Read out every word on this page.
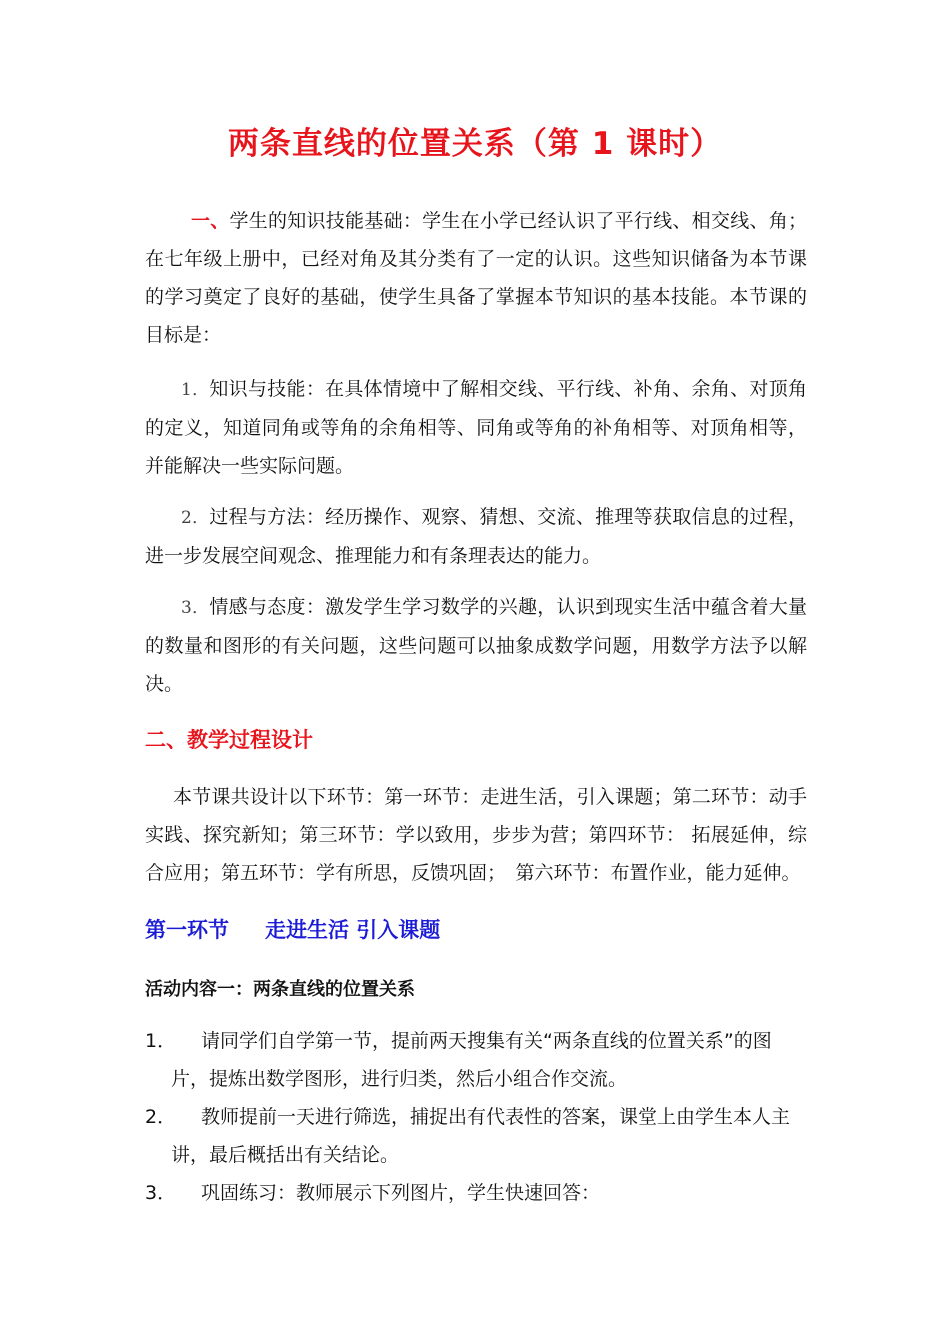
两条直线的位置关系（第 1 课时）

一、学生的知识技能基础：学生在小学已经认识了平行线、相交线、角；在七年级上册中，已经对角及其分类有了一定的认识。这些知识储备为本节课的学习奠定了良好的基础，使学生具备了掌握本节知识的基本技能。本节课的目标是：

1．知识与技能：在具体情境中了解相交线、平行线、补角、余角、对顶角的定义，知道同角或等角的余角相等、同角或等角的补角相等、对顶角相等，并能解决一些实际问题。

2．过程与方法：经历操作、观察、猜想、交流、推理等获取信息的过程，进一步发展空间观念、推理能力和有条理表达的能力。

3．情感与态度：激发学生学习数学的兴趣，认识到现实生活中蕴含着大量的数量和图形的有关问题，这些问题可以抽象成数学问题，用数学方法予以解决。

二、教学过程设计

本节课共设计以下环节：第一环节：走进生活，引入课题；第二环节：动手实践、探究新知；第三环节：学以致用，步步为营；第四环节： 拓展延伸，综合应用；第五环节：学有所思，反馈巩固；　第六环节：布置作业，能力延伸。

第一环节 走进生活 引入课题
活动内容一：两条直线的位置关系
1．	请同学们自学第一节，提前两天搜集有关“两条直线的位置关系”的图片，提炼出数学图形，进行归类，然后小组合作交流。
2．	教师提前一天进行筛选，捕捉出有代表性的答案，课堂上由学生本人主讲，最后概括出有关结论。
3．	巩固练习：教师展示下列图片，学生快速回答：
